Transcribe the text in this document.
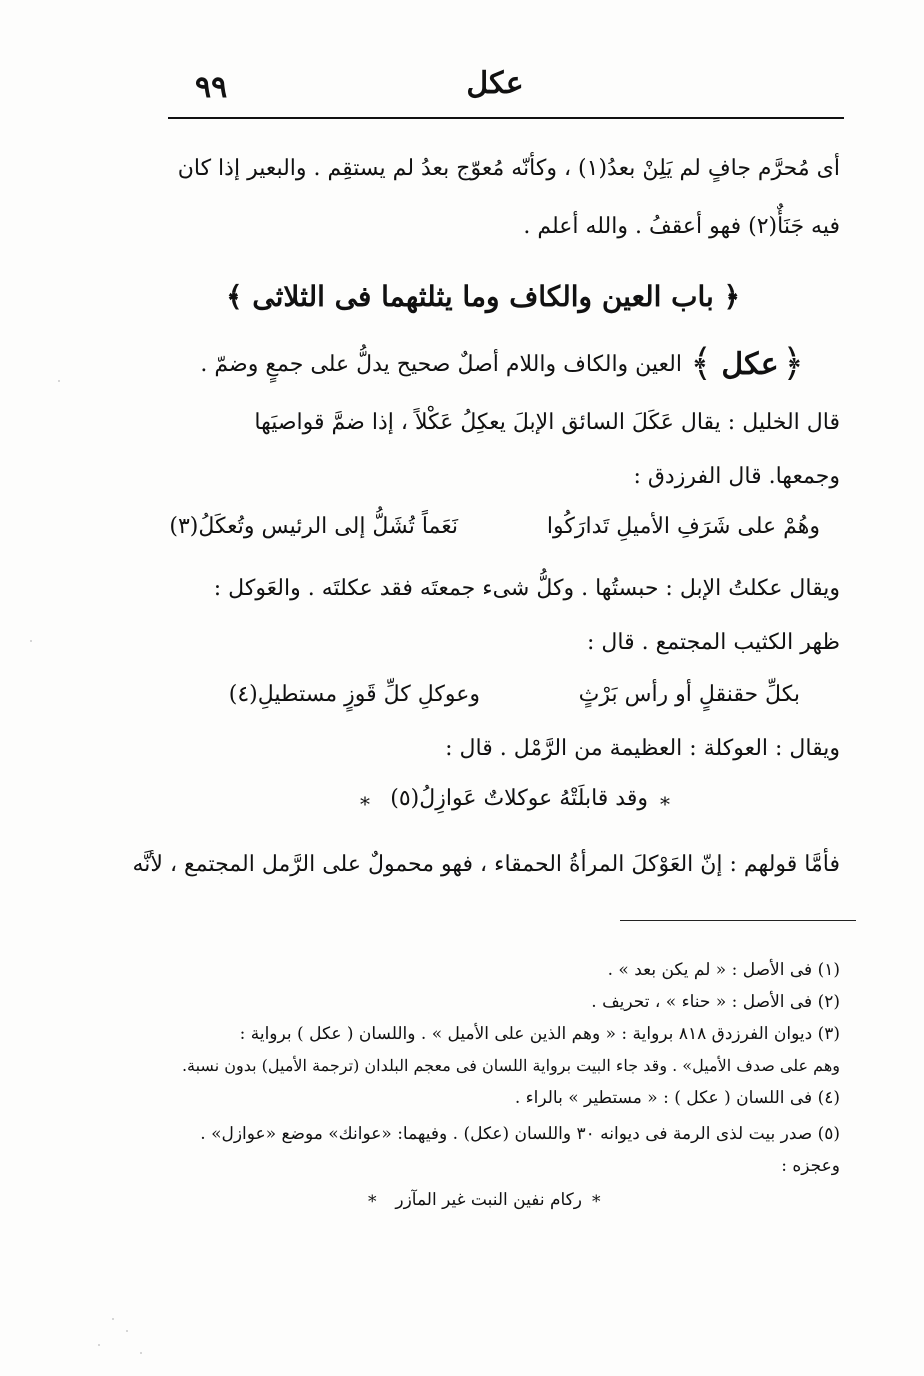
٩٩	عكل
أى مُحرَّم جافٍ لم يَلِنْ بعدُ(١) ، وكأنّه مُعوّج بعدُ لم يستقِم . والبعير إذا كان
فيه جَنَأٌ(٢) فهو أعقفُ . والله أعلم .
﴿ باب العين والكاف وما يثلثهما فى الثلاثى ﴾
﴿
عكل
﴾
العين والكاف واللام أصلٌ صحيح يدلُّ على جمعٍ وضمّ .
قال الخليل : يقال عَكَلَ السائق الإبلَ يعكِلُ عَكْلاً ، إذا ضمَّ قواصيَها
وجمعها. قال الفرزدق :
وهُمْ على شَرَفِ الأميلِ تَدارَكُوا
نَعَماً تُشَلُّ إلى الرئيس وتُعكَلُ(٣)
ويقال عكلتُ الإبل : حبستُها . وكلُّ شىء جمعتَه فقد عكلتَه . والعَوكل :
ظهر الكثيب المجتمع . قال :
بكلِّ حقنقلٍ أو رأس بَرْثٍ
وعوكلِ كلِّ قَوزٍ مستطيلِ(٤)
ويقال : العوكلة : العظيمة من الرَّمْل . قال :
*
وقد قابلَتْهُ عوكلاتٌ عَوازِلُ(٥)
*
فأمَّا قولهم : إنّ العَوْكلَ المرأةُ الحمقاء ، فهو محمولٌ على الرَّمل المجتمع ، لأنَّه
(١) فى الأصل : « لم يكن بعد » .
(٢) فى الأصل : « حناء » ، تحريف .
(٣) ديوان الفرزدق ٨١٨ برواية : « وهم الذين على الأميل » . واللسان ( عكل ) برواية :
وهم على صدف الأميل» . وقد جاء البيت برواية اللسان فى معجم البلدان (ترجمة الأميل) بدون نسبة.
(٤) فى اللسان ( عكل ) : « مستطير » بالراء .
(٥) صدر بيت لذى الرمة فى ديوانه ٣٠ واللسان (عكل) . وفيهما: «عوانك» موضع «عوازل» .
وعجزه :
*
ركام نفين النبت غير المآزر
*
